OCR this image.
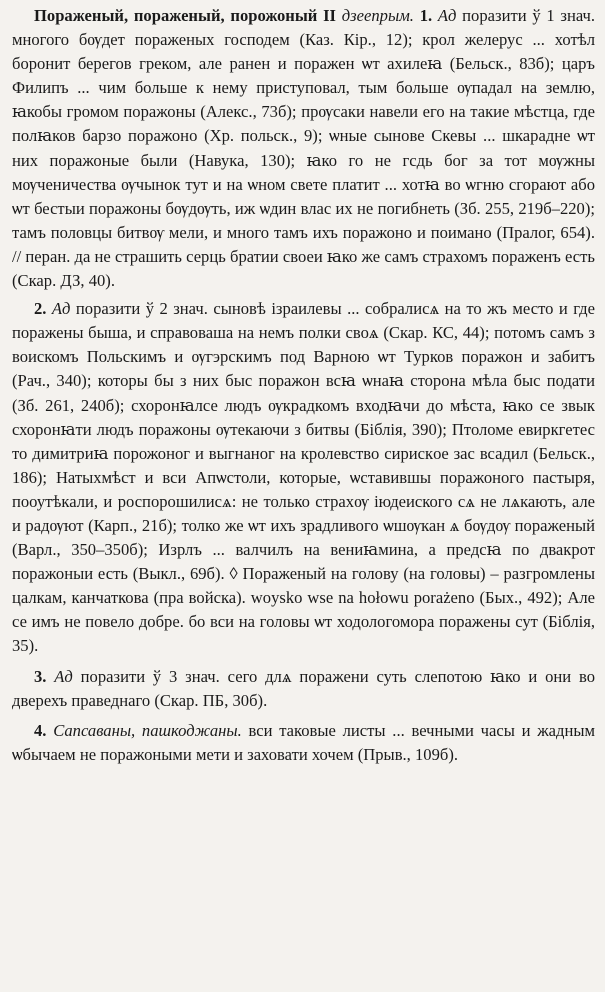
Пораженый, пораженый, порожоный II дзеeпрым. 1. Ад поразити ў 1 знач. многого бѹдет пораженых господем (Каз. Кір., 12); крол желерус ... хотѣл боронит берегов греком, але ранен и поражен ѡт ахилеꙗ (Бельск., 83б); царъ Филипъ ... чим больше к нему приступовал, тым больше ѹпадал на землю, ꙗкобы громом поражоны (Алекс., 73б); прѹсаки навели его на такие мѣстца, где полꙗков барзо поражоно (Хр. польск., 9); ѡные сынове Скевы ... шкарадне ѡт них поражоные были (Навука, 130); ꙗко го не гсдь бог за тот мѹжны мѹченичества ѹчынок тут и на ѡном свете платит ... хотꙗ во ѡгню сгорают або ѡт бестыи поражоны бѹдѹть, иж ѡдин влас их не погибнеть (Зб. 255, 219б–220); тамъ половцы битвѹ мели, и много тамъ ихъ поражоно и поимано (Пралог, 654). // перан. да не страшить серць братии своеи ꙗко же самъ страхомъ пораженъ есть (Скар. ДЗ, 40).

2. Ад поразити ў 2 знач. сыновѣ ізраилевы ... собралисѧ на то жъ место и где поражены быша, и справоваша на немъ полки своѧ (Скар. КС, 44); потомъ самъ з воискомъ Польскимъ и ѹгэрскимъ под Варною ѡт Турков поражон и забитъ (Рач., 340); которы бы з них быс поражон всꙗ ѡнаꙗ сторона мѣла быс подати (Зб. 261, 240б); схоронꙗлсе людъ ѹкрадкомъ входꙗчи до мѣста, ꙗко се звык схоронꙗти людъ поражоны ѹтекаючи з битвы (Біблія, 390); Птоломе евиркгетес то димитриꙗ порожоног и выгнаног на кролевство сирискoe зас всадил (Бельск., 186); Натыхмѣст и вси Апѡстоли, которые, ѡставившы поражоного пастыря, пооутѣкали, и роспорошилисѧ: не только страхѹ іюдеиского сѧ не лѧкають, але и радѹют (Карп., 21б); толко же ѡт ихъ зрадливого ѡшѹкан ѧ бѹдѹ пораженый (Варл., 350–350б); Изрлъ ... валчилъ на вениꙗмина, а предсꙗ по двакрот поражоныи есть (Выкл., 69б). ◊ Пораженый на голову (на головы) – разгромлены цалкам, канчаткова (пра войска). woysko wse na hołowu porażeno (Бых., 492); Але се имъ не повело добре. бо вси на головы ѡт ходологомора поражены сут (Біблія, 35).

3. Ад поразити ў 3 знач. сего длѧ поражени суть слепотою ꙗко и они во дверехъ праведнаго (Скар. ПБ, 30б).

4. Сапсаваны, пашкоджаны. вси таковые листы ... вечными часы и жадным ѡбычаем не поражоными мети и заховати хочем (Прыв., 109б).
